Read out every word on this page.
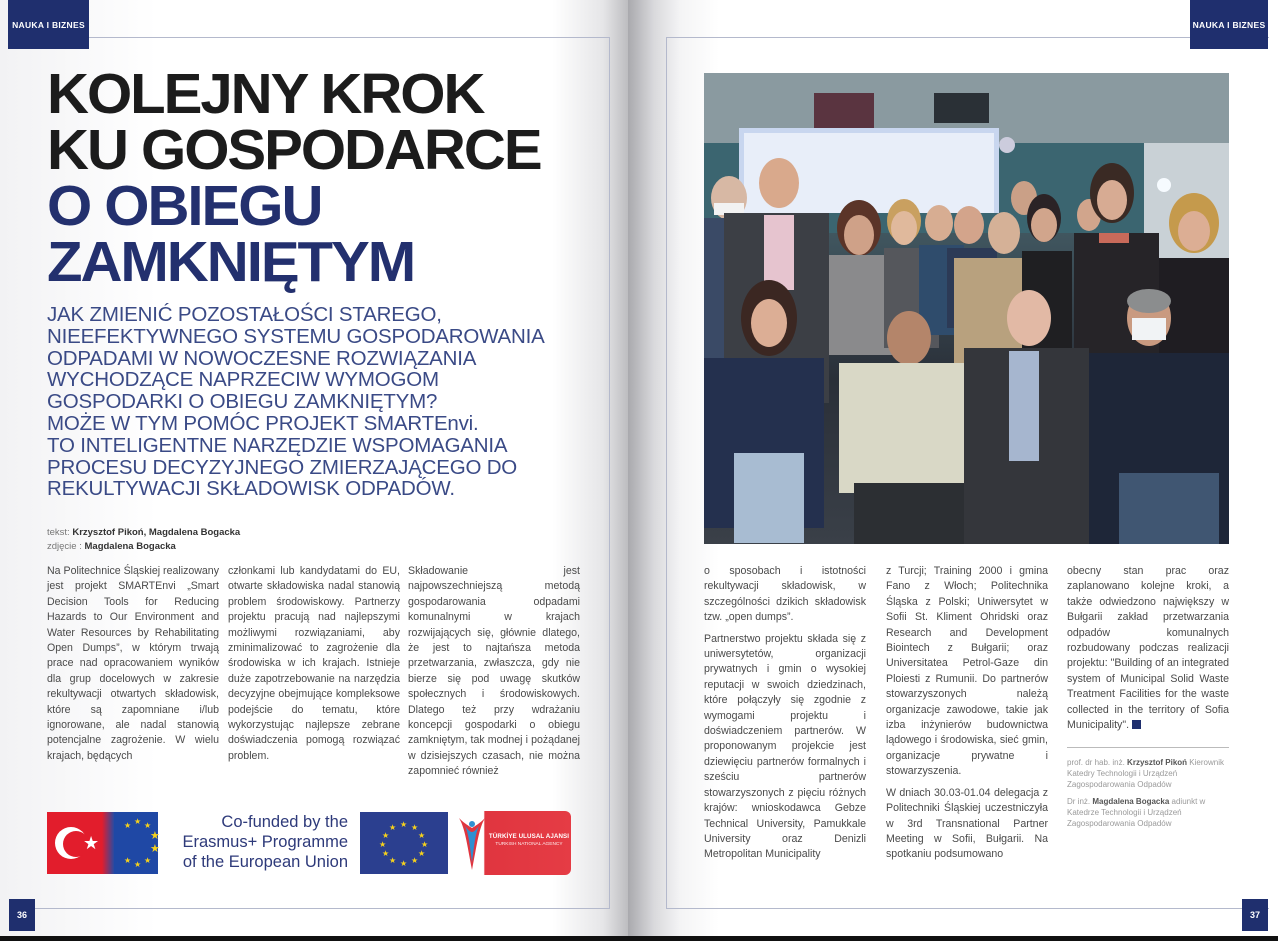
NAUKA I BIZNES
KOLEJNY KROK
KU GOSPODARCE
O OBIEGU
ZAMKNIĘTYM
JAK ZMIENIĆ POZOSTAŁOŚCI STAREGO,
NIEEFEKTYWNEGO SYSTEMU GOSPODAROWANIA
ODPADAMI W NOWOCZESNE ROZWIĄZANIA
WYCHODZĄCE NAPRZECIW WYMOGOM
GOSPODARKI O OBIEGU ZAMKNIĘTYM?
MOŻE W TYM POMÓC PROJEKT SMARTEnvi.
TO INTELIGENTNE NARZĘDZIE WSPOMAGANIA
PROCESU DECYZYJNEGO ZMIERZAJĄCEGO DO
REKULTYWACJI SKŁADOWISK ODPADÓW.
tekst: Krzysztof Pikoń, Magdalena Bogacka
zdjęcie : Magdalena Bogacka

Na Politechnice Śląskiej realizowany jest projekt SMARTEnvi „Smart Decision Tools for Reducing Hazards to Our Environment and Water Resources by Rehabilitating Open Dumps”, w którym trwają prace nad opracowaniem wyników dla grup docelowych w zakresie rekultywacji otwartych składowisk, które są zapomniane i/lub ignorowane, ale nadal stanowią potencjalne zagrożenie. W wielu krajach, będących

członkami lub kandydatami do EU, otwarte składowiska nadal stanowią problem środowiskowy. Partnerzy projektu pracują nad najlepszymi możliwymi rozwiązaniami, aby zminimalizować to zagrożenie dla środowiska w ich krajach. Istnieje duże zapotrzebowanie na narzędzia decyzyjne obejmujące kompleksowe podejście do tematu, które wykorzystując najlepsze zebrane doświadczenia pomogą rozwiązać problem.

Składowanie jest najpowszechniejszą metodą gospodarowania odpadami komunalnymi w krajach rozwijających się, głównie dlatego, że jest to najtańsza metoda przetwarzania, zwłaszcza, gdy nie bierze się pod uwagę skutków społecznych i środowiskowych. Dlatego też przy wdrażaniu koncepcji gospodarki o obiegu zamkniętym, tak modnej i pożądanej w dzisiejszych czasach, nie można zapomnieć również

★
★ ★ ★
★
★
★
★
★
Co-funded by the
Erasmus+ Programme
of the European Union
★ ★
★
★
★
★
★
★
★
★
★
★
TÜRKİYE ULUSAL AJANSI
TURKISH NATIONAL AGENCY
36
NAUKA I BIZNES
37

o sposobach i istotności rekultywacji składowisk, w szczególności dzikich składowisk tzw. „open dumps”.

Partnerstwo projektu składa się z uniwersytetów, organizacji prywatnych i gmin o wysokiej reputacji w swoich dziedzinach, które połączyły się zgodnie z wymogami projektu i doświadczeniem partnerów. W proponowanym projekcie jest dziewięciu partnerów formalnych i sześciu partnerów stowarzyszonych z pięciu różnych krajów: wnioskodawca Gebze Technical University, Pamukkale University oraz Denizli Metropolitan Municipality

z Turcji; Training 2000 i gmina Fano z Włoch; Politechnika Śląska z Polski; Uniwersytet w Sofii St. Kliment Ohridski oraz Research and Development Biointech z Bułgarii; oraz Universitatea Petrol-Gaze din Ploiesti z Rumunii. Do partnerów stowarzyszonych należą organizacje zawodowe, takie jak izba inżynierów budownictwa lądowego i środowiska, sieć gmin, organizacje prywatne i stowarzyszenia.

W dniach 30.03-01.04 delegacja z Politechniki Śląskiej uczestniczyła w 3rd Transnational Partner Meeting w Sofii, Bułgarii. Na spotkaniu podsumowano

obecny stan prac oraz zaplanowano kolejne kroki, a także odwiedzono największy w Bułgarii zakład przetwarzania odpadów komunalnych rozbudowany podczas realizacji projektu: "Building of an integrated system of Municipal Solid Waste Treatment Facilities for the waste collected in the territory of Sofia Municipality".

prof. dr hab. inż. Krzysztof Pikoń Kierownik Katedry Technologii i Urządzeń Zagospodarowania Odpadów
Dr inż. Magdalena Bogacka adiunkt w Katedrze Technologii i Urządzeń Zagospodarowania Odpadów
